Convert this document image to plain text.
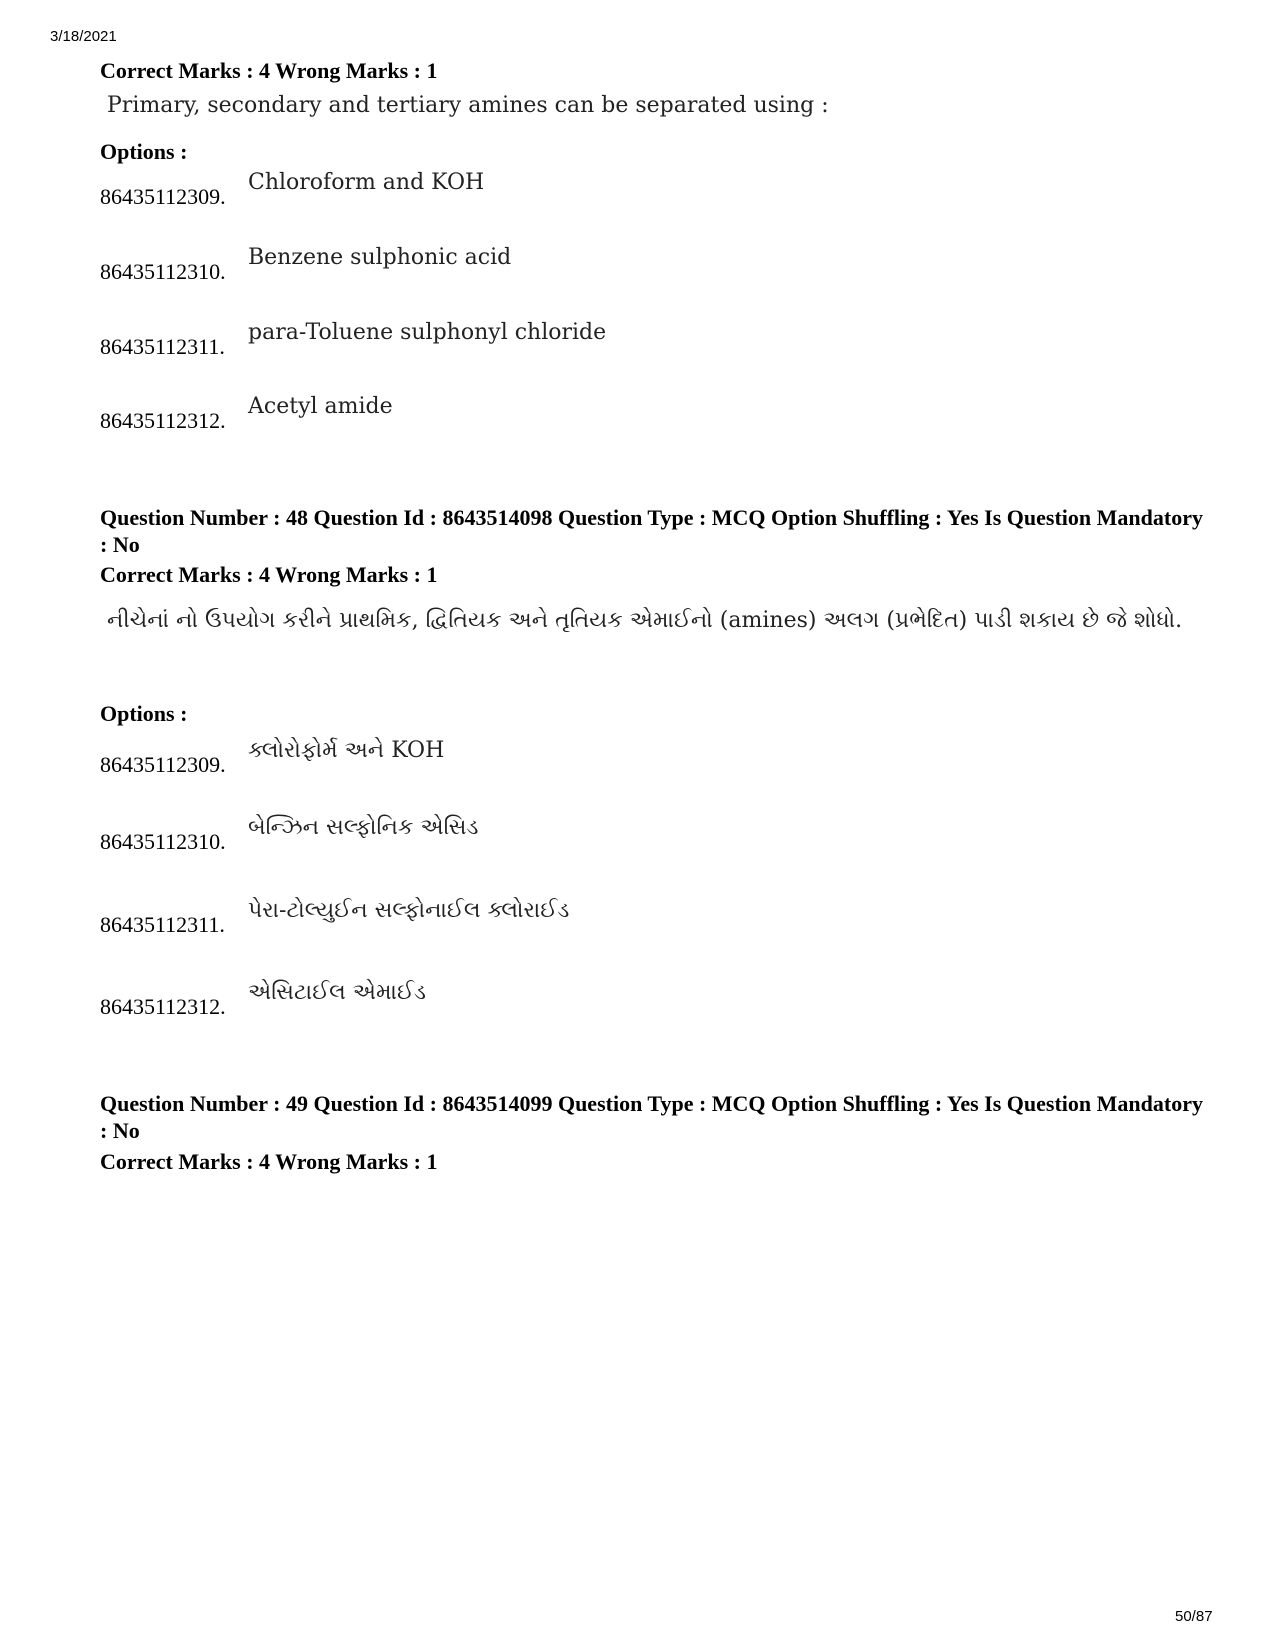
3/18/2021
Correct Marks : 4 Wrong Marks : 1
Primary, secondary and tertiary amines can be separated using :
Options :
86435112309.
Chloroform and KOH
86435112310.
Benzene sulphonic acid
86435112311.
para-Toluene sulphonyl chloride
86435112312.
Acetyl amide
Question Number : 48 Question Id : 8643514098 Question Type : MCQ Option Shuffling : Yes Is Question Mandatory : No
Correct Marks : 4 Wrong Marks : 1
નીચેનાં નો ઉપયોગ કરીને પ્રાથમિક, દ્વિતિયક અને તૃતિયક એમાઈનો (amines) અલગ (પ્રભેદિત) પાડી શકાય છે જે શોધો.
Options :
86435112309.
ક્લોરોફોર્મ અને KOH
86435112310.
બેન્ઝિન સલ્ફોનિક એસિડ
86435112311.
પેરા-ટોલ્યુઈન સલ્ફોનાઈલ ક્લોરાઈડ
86435112312.
એસિટાઈલ એમાઈડ
Question Number : 49 Question Id : 8643514099 Question Type : MCQ Option Shuffling : Yes Is Question Mandatory : No
Correct Marks : 4 Wrong Marks : 1
50/87
